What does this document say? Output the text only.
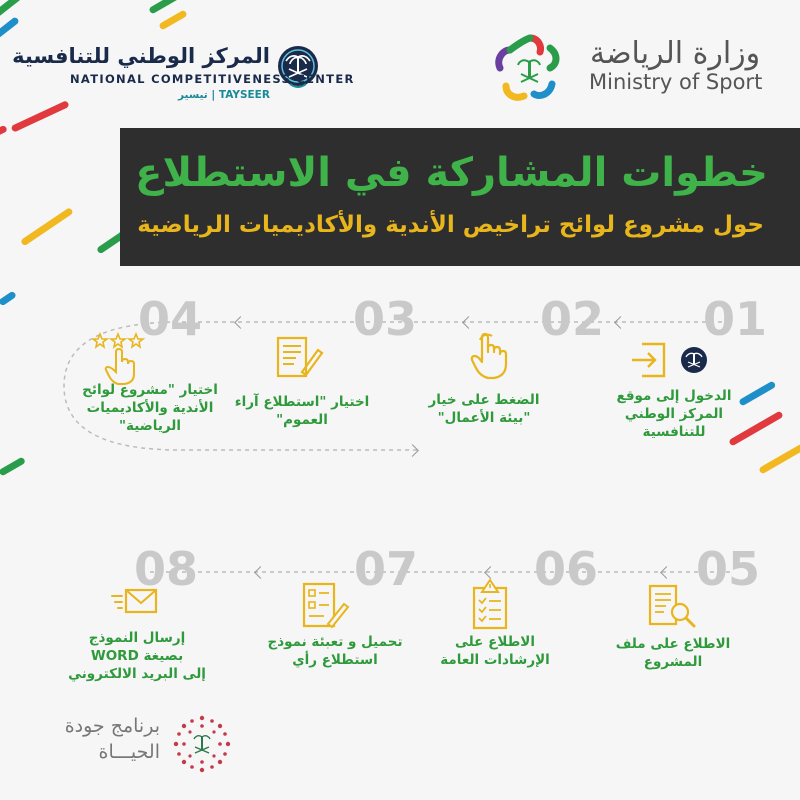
المركز الوطني للتنافسية
NATIONAL COMPETITIVENESS CENTER
تيسير | TAYSEER
وزارة الرياضة
Ministry of Sport
خطوات المشاركة في الاستطلاع
حول مشروع لوائح تراخيص الأندية والأكاديميات الرياضية
01
02
03
04
الدخول إلى موقع
المركز الوطني
للتنافسية
الضغط على خيار
"بيئة الأعمال"
اختيار "استطلاع آراء
العموم"
اختيار "مشروع لوائح
الأندية والأكاديميات
الرياضية"
05
06
07
08
الاطلاع على ملف
المشروع
الاطلاع على
الإرشادات العامة
تحميل و تعبئة نموذج
استطلاع رأي
إرسال النموذج
بصيغة WORD
إلى البريد الالكتروني
برنامج جودة
الحيـــاة
